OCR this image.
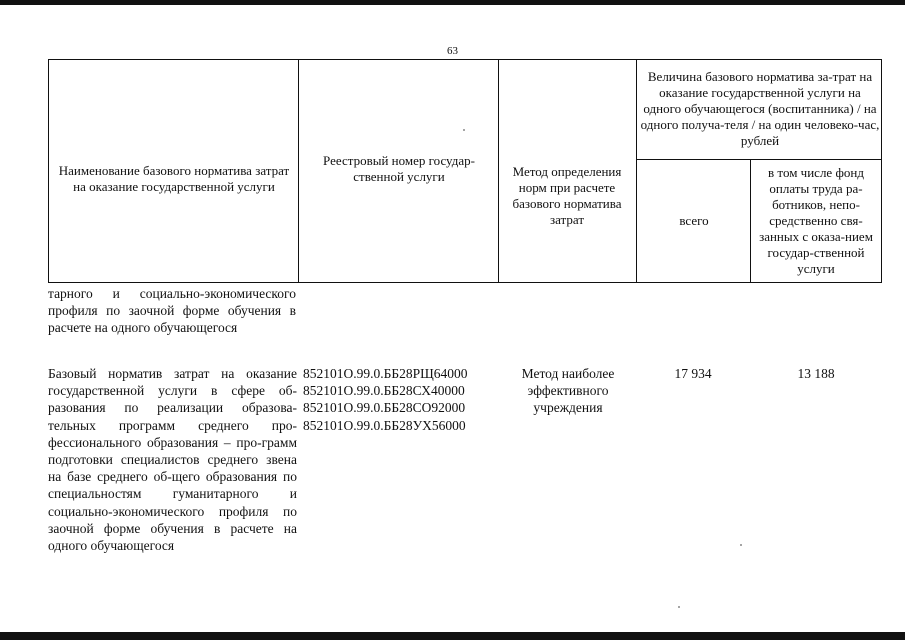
63
Наименование базового норматива затрат на оказание государственной услуги
Реестровый номер государ-ственной услуги	Метод определения норм при расчете базового норматива затрат
Величина базового норматива за-трат на оказание государственной услуги на одного обучающегося (воспитанника) / на одного получа-теля / на один человеко-час, рублей
всего
в том числе фонд оплаты труда ра-ботников, непо-средственно свя-занных с оказа-нием государ-ственной услуги
тарного и социально-экономического профиля по заочной форме обучения в расчете на одного обучающегося
Базовый норматив затрат на оказание государственной услуги в сфере об-разования по реализации образова-тельных программ среднего про-фессионального образования – про-грамм подготовки специалистов среднего звена на базе среднего об-щего образования по специальностям гуманитарного и социально-экономического профиля по заочной форме обучения в расчете на одного обучающегося
852101О.99.0.ББ28РЩ64000
852101О.99.0.ББ28СХ40000
852101О.99.0.ББ28СО92000
852101О.99.0.ББ28УХ56000
Метод наиболее эффективного учреждения
17 934	13 188
